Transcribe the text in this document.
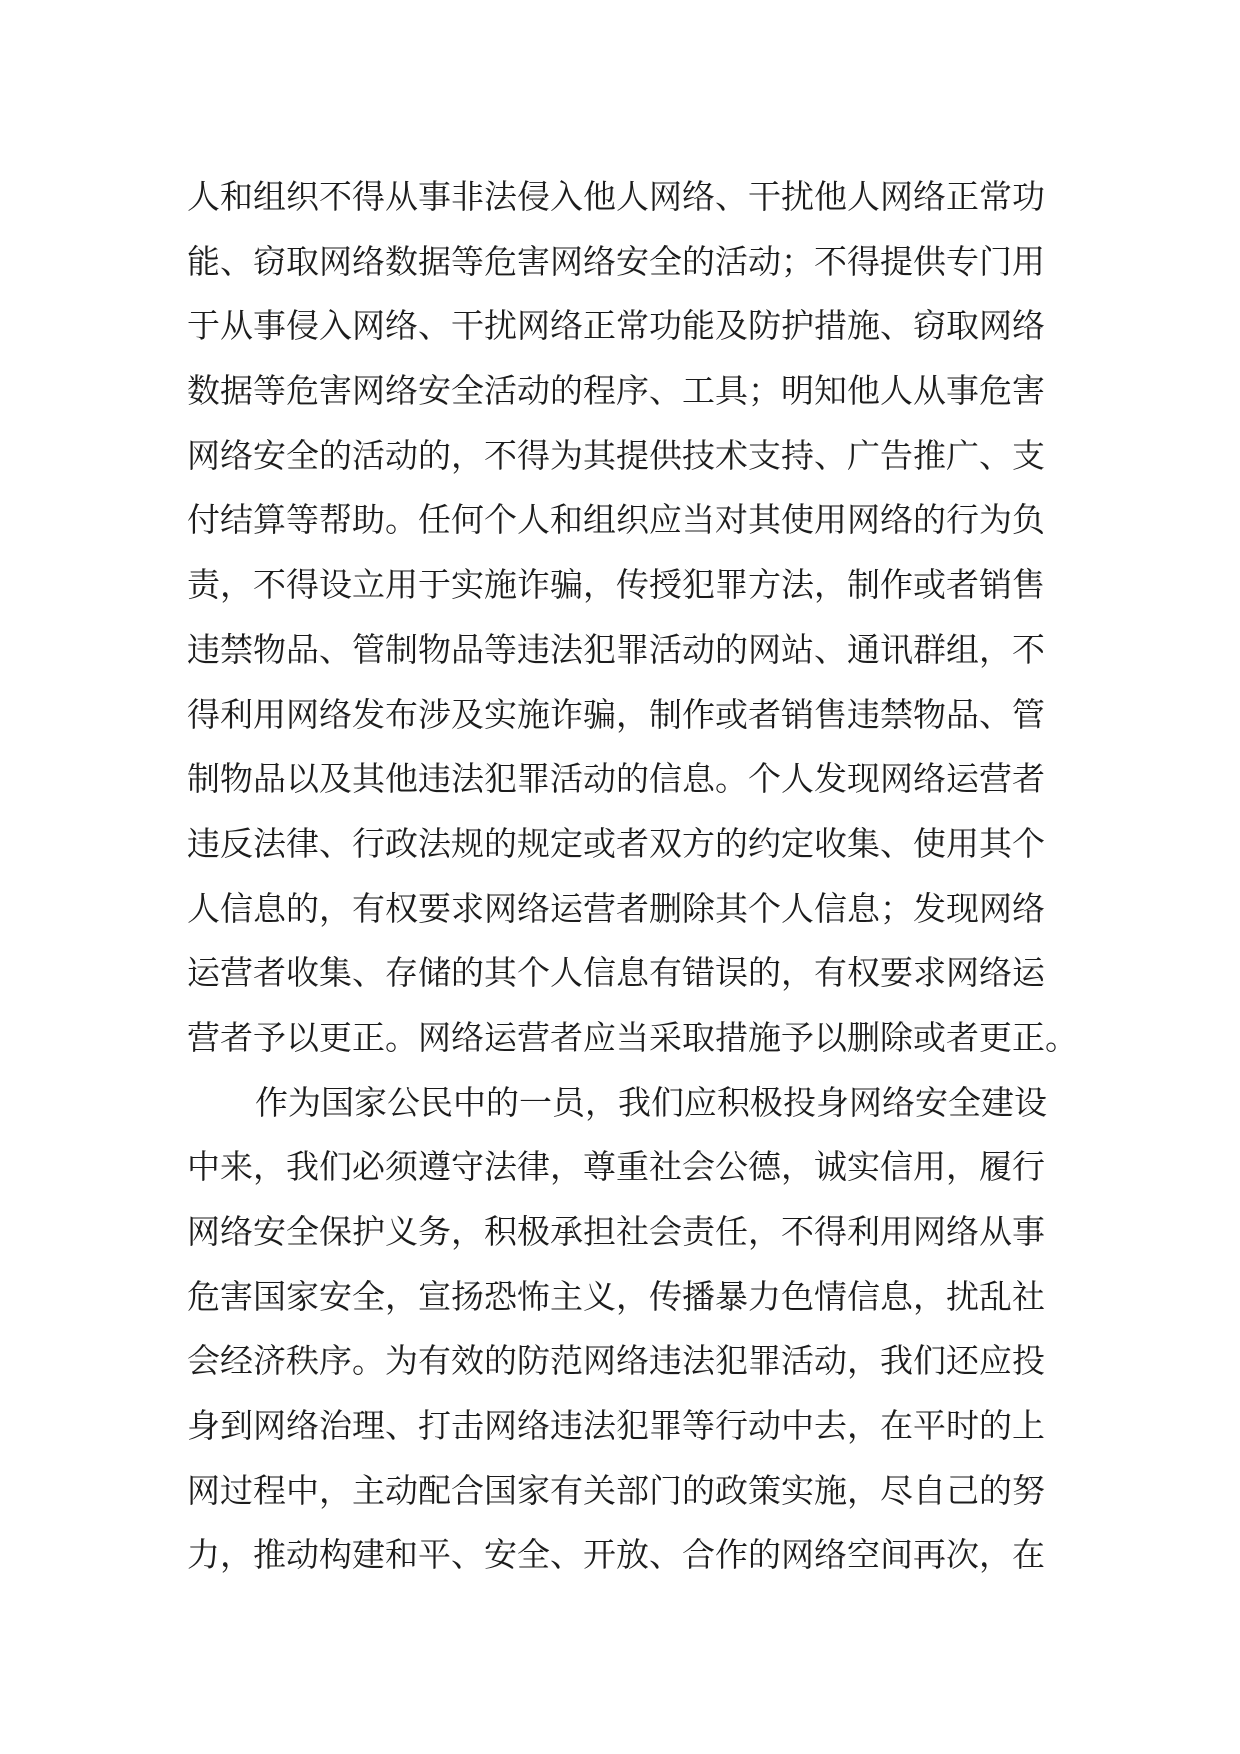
人和组织不得从事非法侵入他人网络、干扰他人网络正常功
能、窃取网络数据等危害网络安全的活动；不得提供专门用
于从事侵入网络、干扰网络正常功能及防护措施、窃取网络
数据等危害网络安全活动的程序、工具；明知他人从事危害
网络安全的活动的，不得为其提供技术支持、广告推广、支
付结算等帮助。任何个人和组织应当对其使用网络的行为负
责，不得设立用于实施诈骗，传授犯罪方法，制作或者销售
违禁物品、管制物品等违法犯罪活动的网站、通讯群组，不
得利用网络发布涉及实施诈骗，制作或者销售违禁物品、管
制物品以及其他违法犯罪活动的信息。个人发现网络运营者
违反法律、行政法规的规定或者双方的约定收集、使用其个
人信息的，有权要求网络运营者删除其个人信息；发现网络
运营者收集、存储的其个人信息有错误的，有权要求网络运
营者予以更正。网络运营者应当采取措施予以删除或者更正。
作为国家公民中的一员，我们应积极投身网络安全建设
中来，我们必须遵守法律，尊重社会公德，诚实信用，履行
网络安全保护义务，积极承担社会责任，不得利用网络从事
危害国家安全，宣扬恐怖主义，传播暴力色情信息，扰乱社
会经济秩序。为有效的防范网络违法犯罪活动，我们还应投
身到网络治理、打击网络违法犯罪等行动中去，在平时的上
网过程中，主动配合国家有关部门的政策实施，尽自己的努
力，推动构建和平、安全、开放、合作的网络空间再次，在
